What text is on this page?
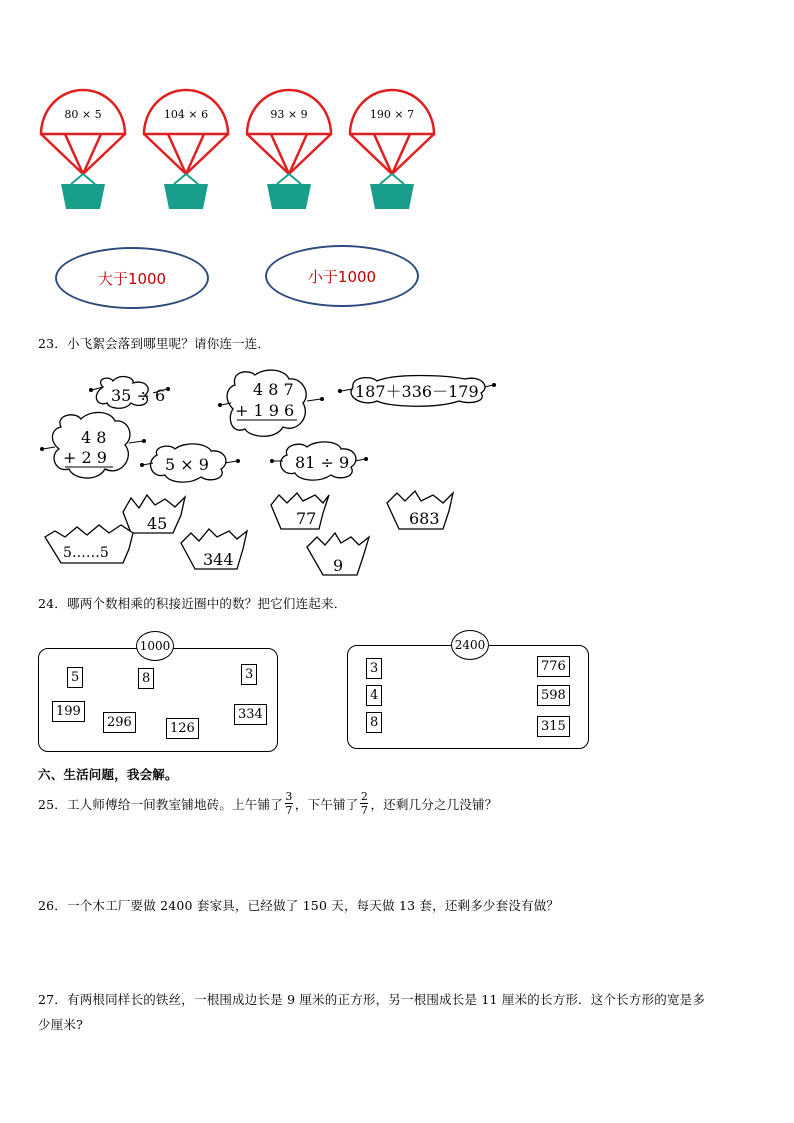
80 × 5	104 × 6	93 × 9	190 × 7
大于1000	小于1000
23．小飞絮会落到哪里呢？请你连一连．
35 ÷ 6	4 8 7
+ 1 9 6
187＋336－179
4 8
+ 2 9	5 × 9	81 ÷ 9
45	77	683
5……5	344	9
24．哪两个数相乘的积接近圈中的数？把它们连起来．
1000
5	8	3
199
296	126
334
2400
3
4
8
776
598
315
六、生活问题，我会解。
25．工人师傅给一间教室铺地砖。上午铺了 $\frac{3}{7}$ ，下午铺了 $\frac{2}{7}$ ，还剩几分之几没铺？
26．一个木工厂要做 2400 套家具，已经做了 150 天，每天做 13 套，还剩多少套没有做？
27．有两根同样长的铁丝，一根围成边长是 9 厘米的正方形，另一根围成长是 11 厘米的长方形．这个长方形的宽是多
少厘米?
